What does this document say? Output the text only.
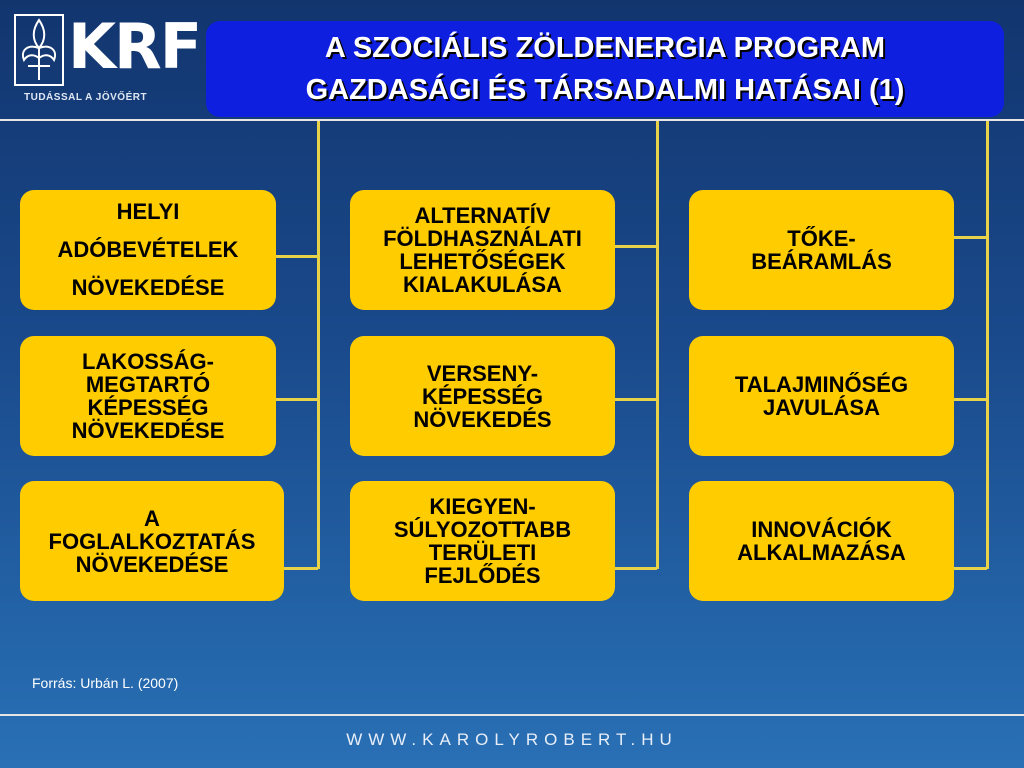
KRF
TUDÁSSAL A JÖVŐÉRT
A SZOCIÁLIS ZÖLDENERGIA PROGRAM
GAZDASÁGI ÉS TÁRSADALMI HATÁSAI (1)
HELYI
ADÓBEVÉTELEK
NÖVEKEDÉSE
LAKOSSÁG-
MEGTARTÓ
KÉPESSÉG
NÖVEKEDÉSE
A
FOGLALKOZTATÁS
NÖVEKEDÉSE
ALTERNATÍV
FÖLDHASZNÁLATI
LEHETŐSÉGEK
KIALAKULÁSA
VERSENY-
KÉPESSÉG
NÖVEKEDÉS
KIEGYEN-
SÚLYOZOTTABB
TERÜLETI
FEJLŐDÉS
TŐKE-
BEÁRAMLÁS
TALAJMINŐSÉG
JAVULÁSA
INNOVÁCIÓK
ALKALMAZÁSA
Forrás: Urbán L. (2007)
WWW.KAROLYROBERT.HU
